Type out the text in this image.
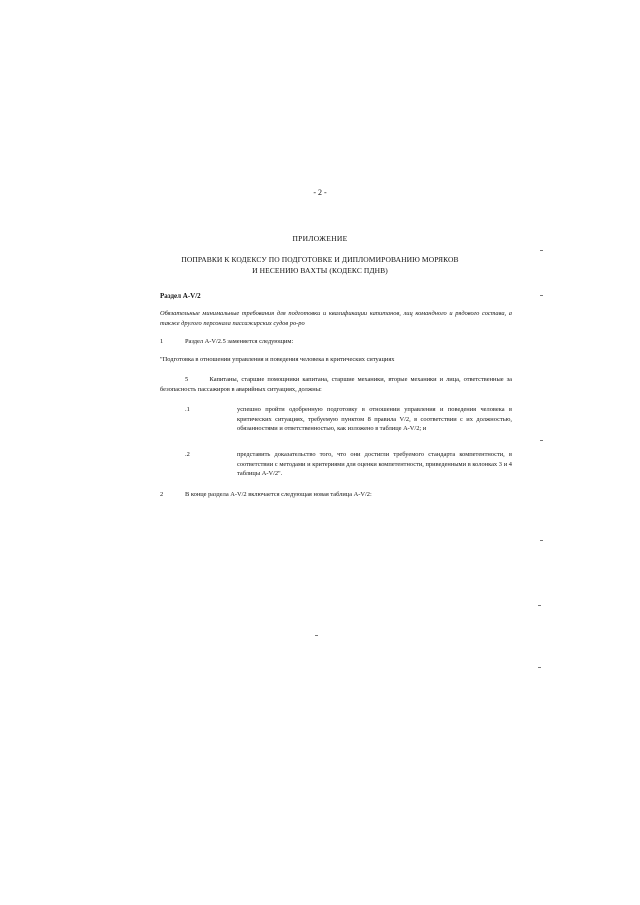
- 2 -
ПРИЛОЖЕНИЕ
ПОПРАВКИ К КОДЕКСУ ПО ПОДГОТОВКЕ И ДИПЛОМИРОВАНИЮ МОРЯКОВ
И НЕСЕНИЮ ВАХТЫ (КОДЕКС ПДНВ)
Раздел A-V/2
Обязательные минимальные требования для подготовки и квалификации капитанов, лиц командного и рядового состава, а также другого персонала пассажирских судов ро-ро
1	Раздел A-V/2.5 заменяется следующим:
"Подготовка в отношении управления и поведения человека в критических ситуациях
5	Капитаны, старшие помощники капитана, старшие механики, вторые механики и лица, ответственные за безопасность пассажиров в аварийных ситуациях, должны:
.1	успешно пройти одобренную подготовку в отношении управления и поведения человека в критических ситуациях, требуемую пунктом 8 правила V/2, в соответствии с их должностью, обязанностями и ответственностью, как изложено в таблице A-V/2; и
.2	представить доказательство того, что они достигли требуемого стандарта компетентности, в соответствии с методами и критериями для оценки компетентности, приведенными в колонках 3 и 4 таблицы A-V/2".
2	В конце раздела A-V/2 включается следующая новая таблица A-V/2:
